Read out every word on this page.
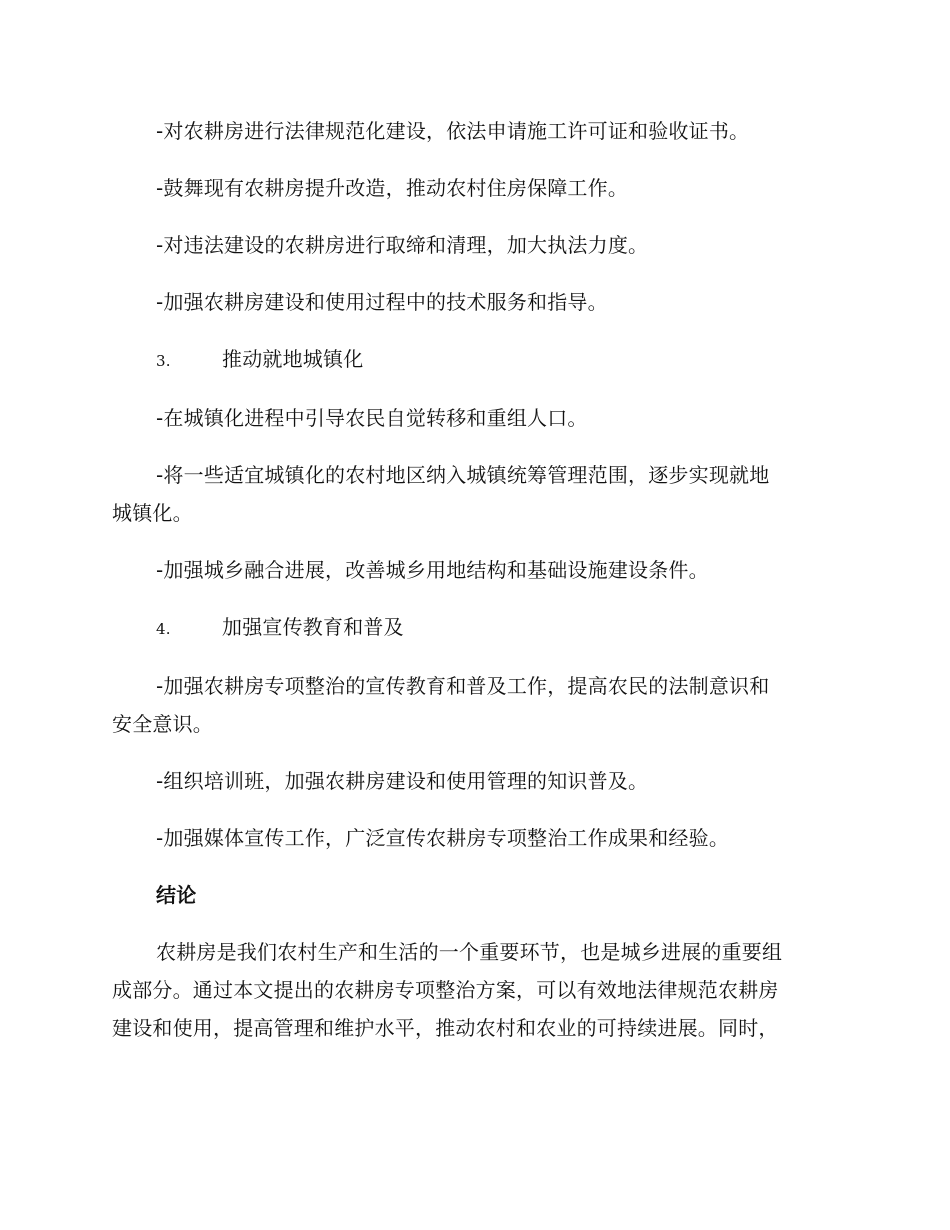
‑对农耕房进行法律规范化建设，依法申请施工许可证和验收证书。
‑鼓舞现有农耕房提升改造，推动农村住房保障工作。
‑对违法建设的农耕房进行取缔和清理，加大执法力度。
‑加强农耕房建设和使用过程中的技术服务和指导。
3.	推动就地城镇化
‑在城镇化进程中引导农民自觉转移和重组人口。
‑将一些适宜城镇化的农村地区纳入城镇统筹管理范围，逐步实现就地
城镇化。
‑加强城乡融合进展，改善城乡用地结构和基础设施建设条件。
4.	加强宣传教育和普及
‑加强农耕房专项整治的宣传教育和普及工作，提高农民的法制意识和
安全意识。
‑组织培训班，加强农耕房建设和使用管理的知识普及。
‑加强媒体宣传工作，广泛宣传农耕房专项整治工作成果和经验。
结论
农耕房是我们农村生产和生活的一个重要环节，也是城乡进展的重要组
成部分。通过本文提出的农耕房专项整治方案，可以有效地法律规范农耕房
建设和使用，提高管理和维护水平，推动农村和农业的可持续进展。同时，
